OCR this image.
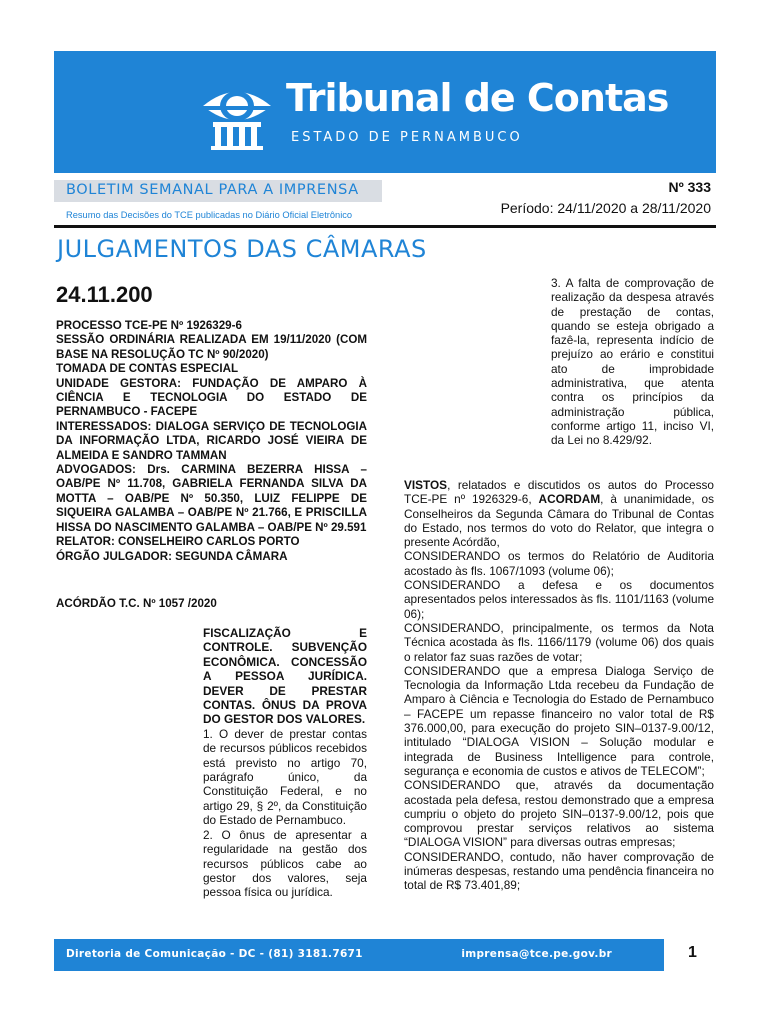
Tribunal de Contas
ESTADO DE PERNAMBUCO
BOLETIM SEMANAL PARA A IMPRENSA
Resumo das Decisões do TCE publicadas no Diário Oficial Eletrônico
Nº 333
Período: 24/11/2020 a 28/11/2020
JULGAMENTOS DAS CÂMARAS
24.11.200
PROCESSO TCE-PE Nº 1926329-6
SESSÃO ORDINÁRIA REALIZADA EM 19/11/2020 (COM BASE NA RESOLUÇÃO TC Nº 90/2020)
TOMADA DE CONTAS ESPECIAL
UNIDADE GESTORA: FUNDAÇÃO DE AMPARO À CIÊNCIA E TECNOLOGIA DO ESTADO DE PERNAMBUCO - FACEPE
INTERESSADOS: DIALOGA SERVIÇO DE TECNOLOGIA DA INFORMAÇÃO LTDA, RICARDO JOSÉ VIEIRA DE ALMEIDA E SANDRO TAMMAN
ADVOGADOS: Drs. CARMINA BEZERRA HISSA – OAB/PE Nº 11.708, GABRIELA FERNANDA SILVA DA MOTTA – OAB/PE Nº 50.350, LUIZ FELIPPE DE SIQUEIRA GALAMBA – OAB/PE Nº 21.766, E PRISCILLA HISSA DO NASCIMENTO GALAMBA – OAB/PE Nº 29.591
RELATOR: CONSELHEIRO CARLOS PORTO
ÓRGÃO JULGADOR: SEGUNDA CÂMARA
ACÓRDÃO T.C. Nº 1057 /2020
FISCALIZAÇÃO E CONTROLE. SUBVENÇÃO ECONÔMICA. CONCESSÃO A PESSOA JURÍDICA. DEVER DE PRESTAR CONTAS. ÔNUS DA PROVA DO GESTOR DOS VALORES.
1. O dever de prestar contas de recursos públicos recebidos está previsto no artigo 70, parágrafo único, da Constituição Federal, e no artigo 29, § 2º, da Constituição do Estado de Pernambuco.
2. O ônus de apresentar a regularidade na gestão dos recursos públicos cabe ao gestor dos valores, seja pessoa física ou jurídica.
3. A falta de comprovação de realização da despesa através de prestação de contas, quando se esteja obrigado a fazê-la, representa indício de prejuízo ao erário e constitui ato de improbidade administrativa, que atenta contra os princípios da administração pública, conforme artigo 11, inciso VI, da Lei no 8.429/92.

VISTOS, relatados e discutidos os autos do Processo TCE-PE nº 1926329-6, ACORDAM, à unanimidade, os Conselheiros da Segunda Câmara do Tribunal de Contas do Estado, nos termos do voto do Relator, que integra o presente Acórdão,

CONSIDERANDO os termos do Relatório de Auditoria acostado às fls. 1067/1093 (volume 06);

CONSIDERANDO a defesa e os documentos apresentados pelos interessados às fls. 1101/1163 (volume 06);

CONSIDERANDO, principalmente, os termos da Nota Técnica acostada às fls. 1166/1179 (volume 06) dos quais o relator faz suas razões de votar;

CONSIDERANDO que a empresa Dialoga Serviço de Tecnologia da Informação Ltda recebeu da Fundação de Amparo à Ciência e Tecnologia do Estado de Pernambuco – FACEPE um repasse financeiro no valor total de R$ 376.000,00, para execução do projeto SIN–0137-9.00/12, intitulado “DIALOGA VISION – Solução modular e integrada de Business Intelligence para controle, segurança e economia de custos e ativos de TELECOM”;

CONSIDERANDO que, através da documentação acostada pela defesa, restou demonstrado que a empresa cumpriu o objeto do projeto SIN–0137-9.00/12, pois que comprovou prestar serviços relativos ao sistema “DIALOGA VISION” para diversas outras empresas;

CONSIDERANDO, contudo, não haver comprovação de inúmeras despesas, restando uma pendência financeira no total de R$ 73.401,89;

Diretoria de Comunicação - DC - (81) 3181.7671	imprensa@tce.pe.gov.br	1
